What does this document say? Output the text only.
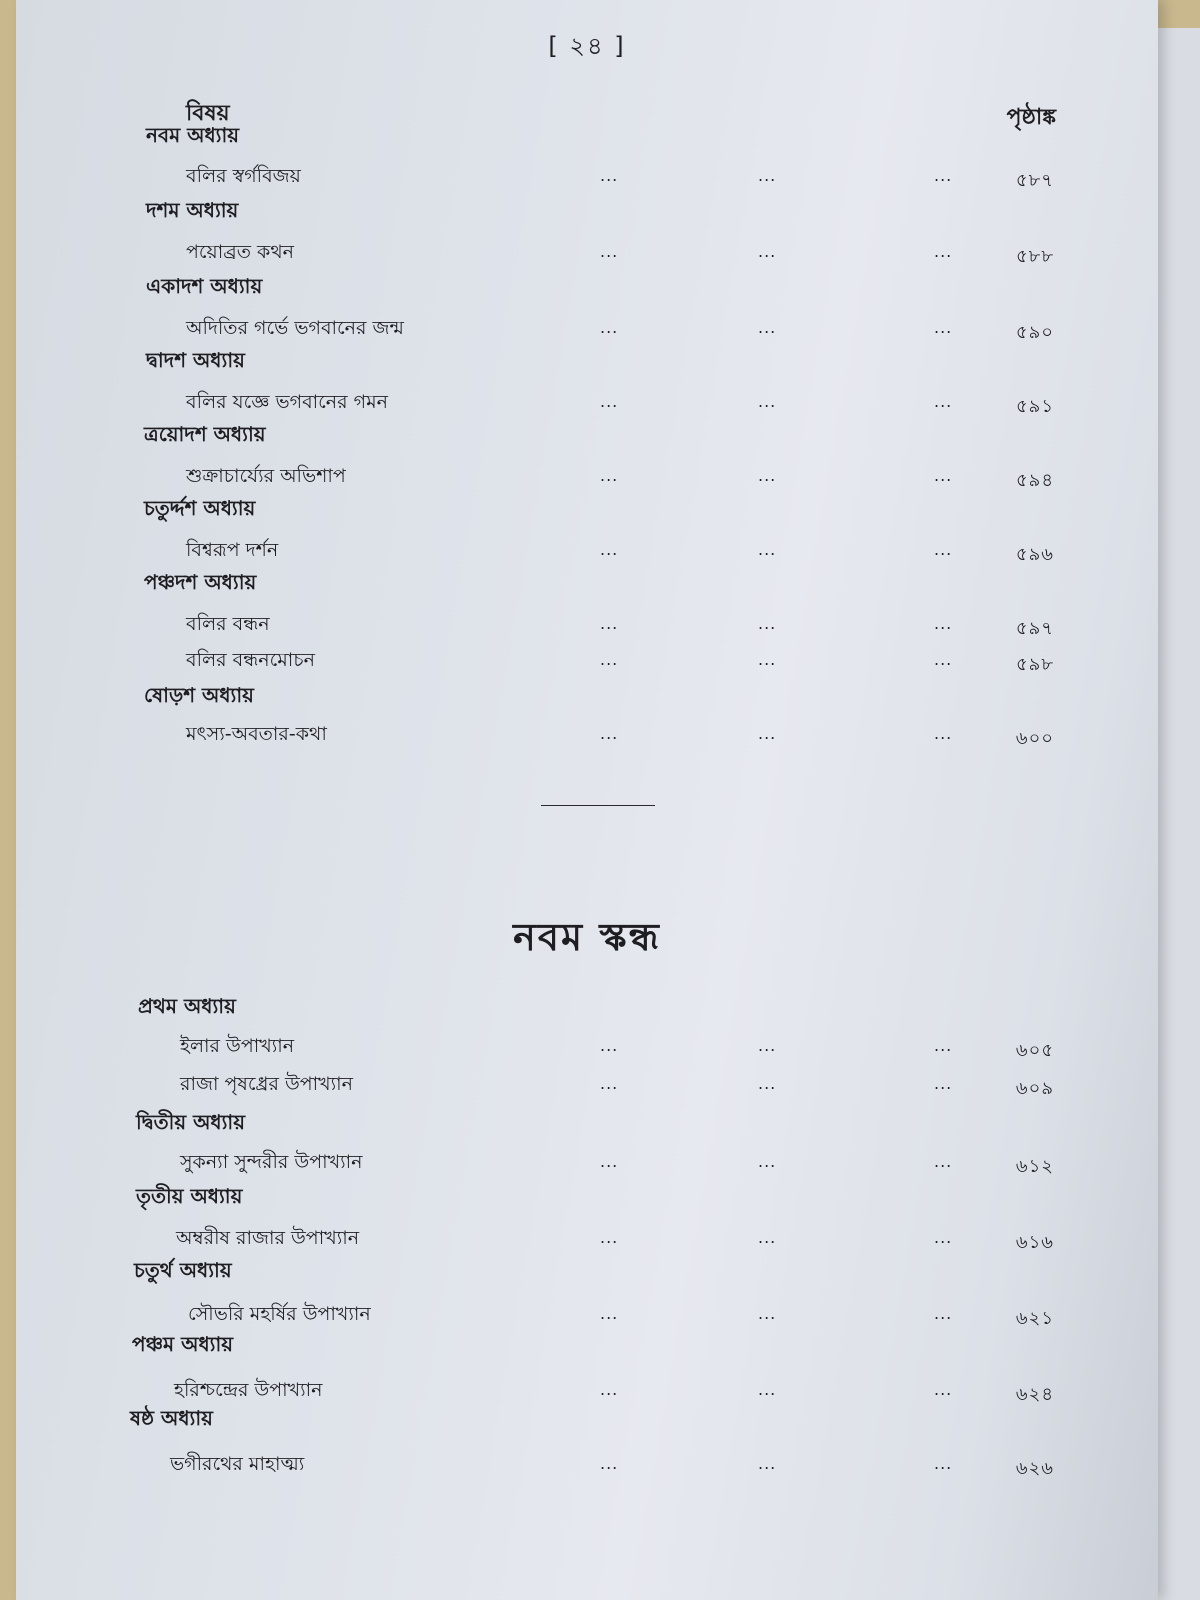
[ ২৪ ]
বিষয়	পৃষ্ঠাঙ্ক
নবম অধ্যায়
বলির স্বর্গবিজয়	...	...	...	৫৮৭
দশম অধ্যায়
পয়োব্রত কথন	...	...	...	৫৮৮
একাদশ অধ্যায়
অদিতির গর্ভে ভগবানের জন্ম	...	...	...	৫৯০
দ্বাদশ অধ্যায়
বলির যজ্ঞে ভগবানের গমন	...	...	...	৫৯১
ত্রয়োদশ অধ্যায়
শুক্রাচার্য্যের অভিশাপ	...	...	...	৫৯৪
চতুর্দ্দশ অধ্যায়
বিশ্বরূপ দর্শন	...	...	...	৫৯৬
পঞ্চদশ অধ্যায়
বলির বন্ধন	...	...	...	৫৯৭
বলির বন্ধনমোচন	...	...	...	৫৯৮
ষোড়শ অধ্যায়
মৎস্য-অবতার-কথা	...	...	...	৬০০
নবম স্কন্ধ
প্রথম অধ্যায়
ইলার উপাখ্যান	...	...	...	৬০৫
রাজা পৃষধ্রের উপাখ্যান	...	...	...	৬০৯
দ্বিতীয় অধ্যায়
সুকন্যা সুন্দরীর উপাখ্যান	...	...	...	৬১২
তৃতীয় অধ্যায়
অম্বরীষ রাজার উপাখ্যান	...	...	...	৬১৬
চতুর্থ অধ্যায়
সৌভরি মহর্ষির উপাখ্যান	...	...	...	৬২১
পঞ্চম অধ্যায়
হরিশ্চন্দ্রের উপাখ্যান	...	...	...	৬২৪
ষষ্ঠ অধ্যায়
ভগীরথের মাহাত্ম্য	...	...	...	৬২৬
